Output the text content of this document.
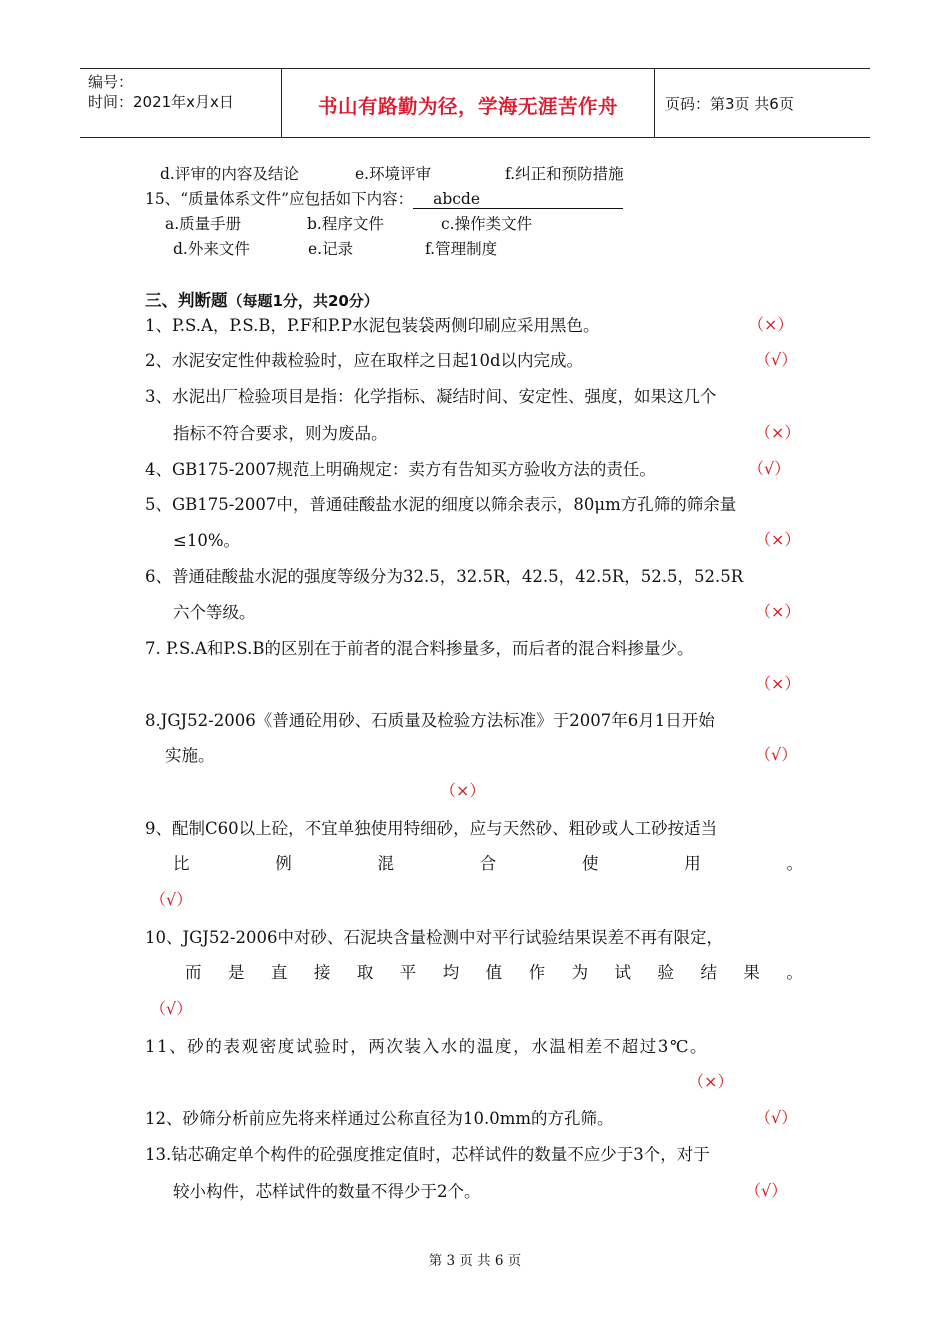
编号：
时间：2021年x月x日	书山有路勤为径，学海无涯苦作舟	页码：第3页 共6页
d.评审的内容及结论	e.环境评审	f.纠正和预防措施
15、“质量体系文件”应包括如下内容： abcde
a.质量手册	b.程序文件	c.操作类文件
d.外来文件	e.记录	f.管理制度
三、判断题（每题1分，共20分）
1、P.S.A，P.S.B，P.F和P.P水泥包装袋两侧印刷应采用黑色。	（×）
2、水泥安定性仲裁检验时，应在取样之日起10d以内完成。	（√）
3、水泥出厂检验项目是指：化学指标、凝结时间、安定性、强度，如果这几个
指标不符合要求，则为废品。	（×）
4、GB175-2007规范上明确规定：卖方有告知买方验收方法的责任。	（√）
5、GB175-2007中，普通硅酸盐水泥的细度以筛余表示，80μm方孔筛的筛余量
≤10%。	（×）
6、普通硅酸盐水泥的强度等级分为32.5，32.5R，42.5，42.5R，52.5，52.5R
六个等级。	（×）
7. P.S.A和P.S.B的区别在于前者的混合料掺量多，而后者的混合料掺量少。
（×）
8.JGJ52-2006《普通砼用砂、石质量及检验方法标准》于2007年6月1日开始
实施。	（√）
（×）
9、配制C60以上砼，不宜单独使用特细砂，应与天然砂、粗砂或人工砂按适当
比	例	混	合	使	用	。
（√）
10、JGJ52-2006中对砂、石泥块含量检测中对平行试验结果误差不再有限定，
而 是 直 接 取 平 均 值 作 为 试 验 结 果 。
（√）
11、砂的表观密度试验时，两次装入水的温度，水温相差不超过3℃。
（×）
12、砂筛分析前应先将来样通过公称直径为10.0mm的方孔筛。	（√）
13.钻芯确定单个构件的砼强度推定值时，芯样试件的数量不应少于3个，对于
较小构件，芯样试件的数量不得少于2个。	（√）
第 3 页 共 6 页
